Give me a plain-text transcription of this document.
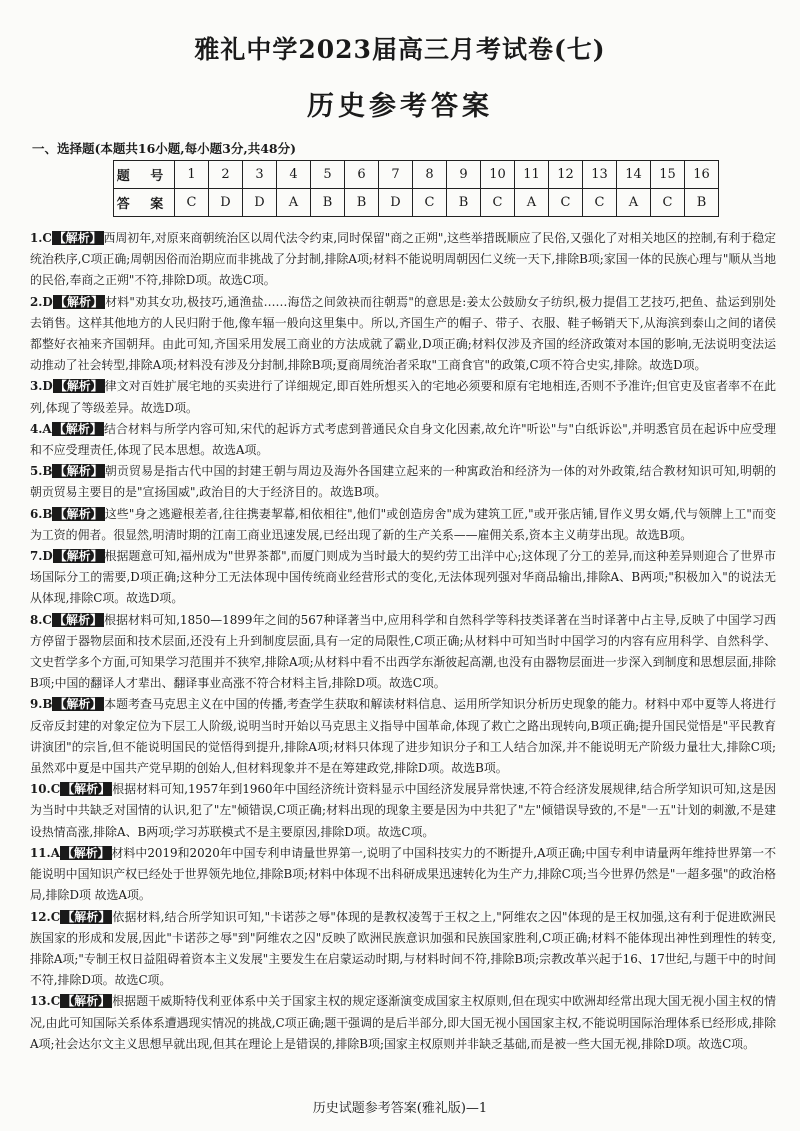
雅礼中学2023届高三月考试卷(七)
历史参考答案
一、选择题(本题共16小题,每小题3分,共48分)
题 号	1	2	3	4	5	6	7	8	9	10	11	12	13	14	15	16
答 案	C	D	D	A	B	B	D	C	B	C	A	C	C	A	C	B

1.C 【解析】 西周初年,对原来商朝统治区以周代法令约束,同时保留"商之正朔",这些举措既顺应了民俗,又强化了对相关地区的控制,有利于稳定统治秩序,C项正确;周朝因俗而治期应而非挑战了分封制,排除A项;材料不能说明周朝因仁义统一天下,排除B项;家国一体的民族心理与"顺从当地的民俗,奉商之正朔"不符,排除D项。故选C项。

2.D 【解析】 材料"劝其女功,极技巧,通渔盐……海岱之间敛袂而往朝焉"的意思是:姜太公鼓励女子纺织,极力提倡工艺技巧,把鱼、盐运到别处去销售。这样其他地方的人民归附于他,像车辐一般向这里集中。所以,齐国生产的帽子、带子、衣服、鞋子畅销天下,从海滨到泰山之间的诸侯都整好衣袖来齐国朝拜。由此可知,齐国采用发展工商业的方法成就了霸业,D项正确;材料仅涉及齐国的经济政策对本国的影响,无法说明变法运动推动了社会转型,排除A项;材料没有涉及分封制,排除B项;夏商周统治者采取"工商食官"的政策,C项不符合史实,排除。故选D项。

3.D 【解析】 律文对百姓扩展宅地的买卖进行了详细规定,即百姓所想买入的宅地必须要和原有宅地相连,否则不予准许;但官吏及宦者率不在此列,体现了等级差异。故选D项。

4.A 【解析】 结合材料与所学内容可知,宋代的起诉方式考虑到普通民众自身文化因素,故允许"听讼"与"白纸诉讼",并明悉官员在起诉中应受理和不应受理责任,体现了民本思想。故选A项。

5.B 【解析】 朝贡贸易是指古代中国的封建王朝与周边及海外各国建立起来的一种寓政治和经济为一体的对外政策,结合教材知识可知,明朝的朝贡贸易主要目的是"宣扬国威",政治目的大于经济目的。故选B项。

6.B 【解析】 这些"身之逃避根差者,往往携妻挈幕,相依相往",他们"或创造房舍"成为建筑工匠,"或开张店铺,冒作义男女婿,代与领牌上工"而变为工资的佣者。很显然,明清时期的江南工商业迅速发展,已经出现了新的生产关系——雇佣关系,资本主义萌芽出现。故选B项。

7.D 【解析】 根据题意可知,福州成为"世界茶都",而厦门则成为当时最大的契约劳工出洋中心;这体现了分工的差异,而这种差异则迎合了世界市场国际分工的需要,D项正确;这种分工无法体现中国传统商业经营形式的变化,无法体现列强对华商品输出,排除A、B两项;"积极加入"的说法无从体现,排除C项。故选D项。

8.C 【解析】 根据材料可知,1850—1899年之间的567种译著当中,应用科学和自然科学等科技类译著在当时译著中占主导,反映了中国学习西方停留于器物层面和技术层面,还没有上升到制度层面,具有一定的局限性,C项正确;从材料中可知当时中国学习的内容有应用科学、自然科学、文史哲学多个方面,可知果学习范围并不狭窄,排除A项;从材料中看不出西学东渐彼起高潮,也没有由器物层面进一步深入到制度和思想层面,排除B项;中国的翻译人才辈出、翻译事业高涨不符合材料主旨,排除D项。故选C项。

9.B 【解析】 本题考查马克思主义在中国的传播,考查学生获取和解读材料信息、运用所学知识分析历史现象的能力。材料中邓中夏等人将进行反帝反封建的对象定位为下层工人阶级,说明当时开始以马克思主义指导中国革命,体现了救亡之路出现转向,B项正确;提升国民觉悟是"平民教育讲演团"的宗旨,但不能说明国民的觉悟得到提升,排除A项;材料只体现了进步知识分子和工人结合加深,并不能说明无产阶级力量壮大,排除C项;虽然邓中夏是中国共产党早期的创始人,但材料现象并不是在筹建政党,排除D项。故选B项。

10.C 【解析】 根据材料可知,1957年到1960年中国经济统计资料显示中国经济发展异常快速,不符合经济发展规律,结合所学知识可知,这是因为当时中共缺乏对国情的认识,犯了"左"倾错误,C项正确;材料出现的现象主要是因为中共犯了"左"倾错误导致的,不是"一五"计划的刺激,不是建设热情高涨,排除A、B两项;学习苏联模式不是主要原因,排除D项。故选C项。

11.A 【解析】 材料中2019和2020年中国专利申请量世界第一,说明了中国科技实力的不断提升,A项正确;中国专利申请量两年维持世界第一不能说明中国知识产权已经处于世界领先地位,排除B项;材料中体现不出科研成果迅速转化为生产力,排除C项;当今世界仍然是"一超多强"的政治格局,排除D项 故选A项。

12.C 【解析】 依据材料,结合所学知识可知,"卡诺莎之辱"体现的是教权凌驾于王权之上,"阿维农之囚"体现的是王权加强,这有利于促进欧洲民族国家的形成和发展,因此"卡诺莎之辱"到"阿维农之囚"反映了欧洲民族意识加强和民族国家胜利,C项正确;材料不能体现出神性到理性的转变,排除A项;"专制王权日益阻碍着资本主义发展"主要发生在启蒙运动时期,与材料时间不符,排除B项;宗教改革兴起于16、17世纪,与题干中的时间不符,排除D项。故选C项。

13.C 【解析】 根据题干威斯特伐利亚体系中关于国家主权的规定逐渐演变成国家主权原则,但在现实中欧洲却经常出现大国无视小国主权的情况,由此可知国际关系体系遭遇现实情况的挑战,C项正确;题干强调的是后半部分,即大国无视小国国家主权,不能说明国际治理体系已经形成,排除A项;社会达尔文主义思想早就出现,但其在理论上是错误的,排除B项;国家主权原则并非缺乏基础,而是被一些大国无视,排除D项。故选C项。

历史试题参考答案(雅礼版)—1
